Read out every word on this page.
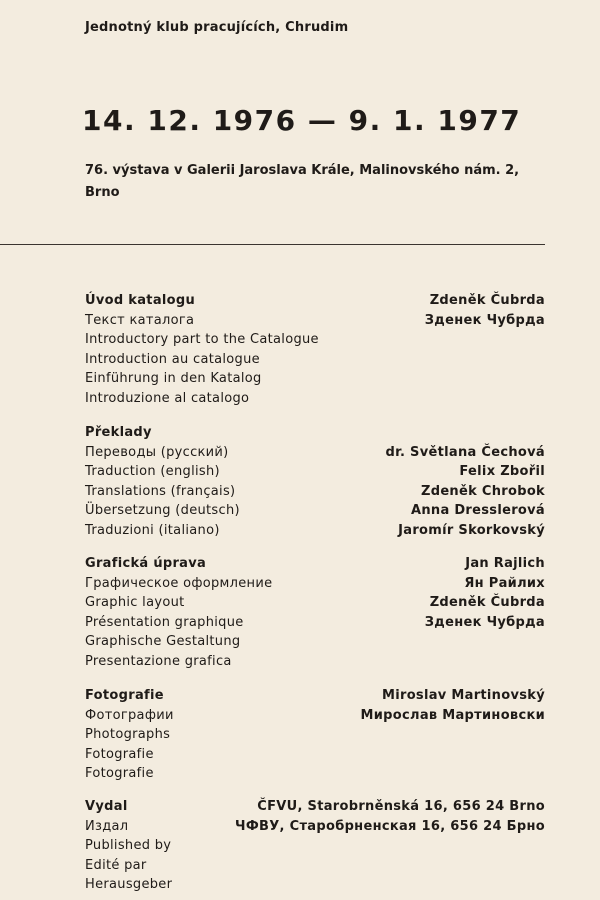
Jednotný klub pracujících, Chrudim
14. 12. 1976 — 9. 1. 1977
76. výstava v Galerii Jaroslava Krále, Malinovského nám. 2, Brno
Úvod katalogu
Текст каталога
Introductory part to the Catalogue
Introduction au catalogue
Einführung in den Katalog
Introduzione al catalogo
Zdeněk Čubrda
Зденек Чубрда
Překlady
Переводы (русский)
Traduction (english)
Translations (français)
Übersetzung (deutsch)
Traduzioni (italiano)
dr. Světlana Čechová
Felix Zbořil
Zdeněk Chrobok
Anna Dresslerová
Jaromír Skorkovský
Grafická úprava
Графическое оформление
Graphic layout
Présentation graphique
Graphische Gestaltung
Presentazione grafica
Jan Rajlich
Ян Райлих
Zdeněk Čubrda
Зденек Чубрда
Fotografie
Фотографии
Photographs
Fotografie
Fotografie
Miroslav Martinovský
Мирослав Мартиновски
Vydal
Издал
Published by
Edité par
Herausgeber
ČFVU, Starobrněnská 16, 656 24 Brno
ЧФВУ, Старобрненская 16, 656 24 Брно
